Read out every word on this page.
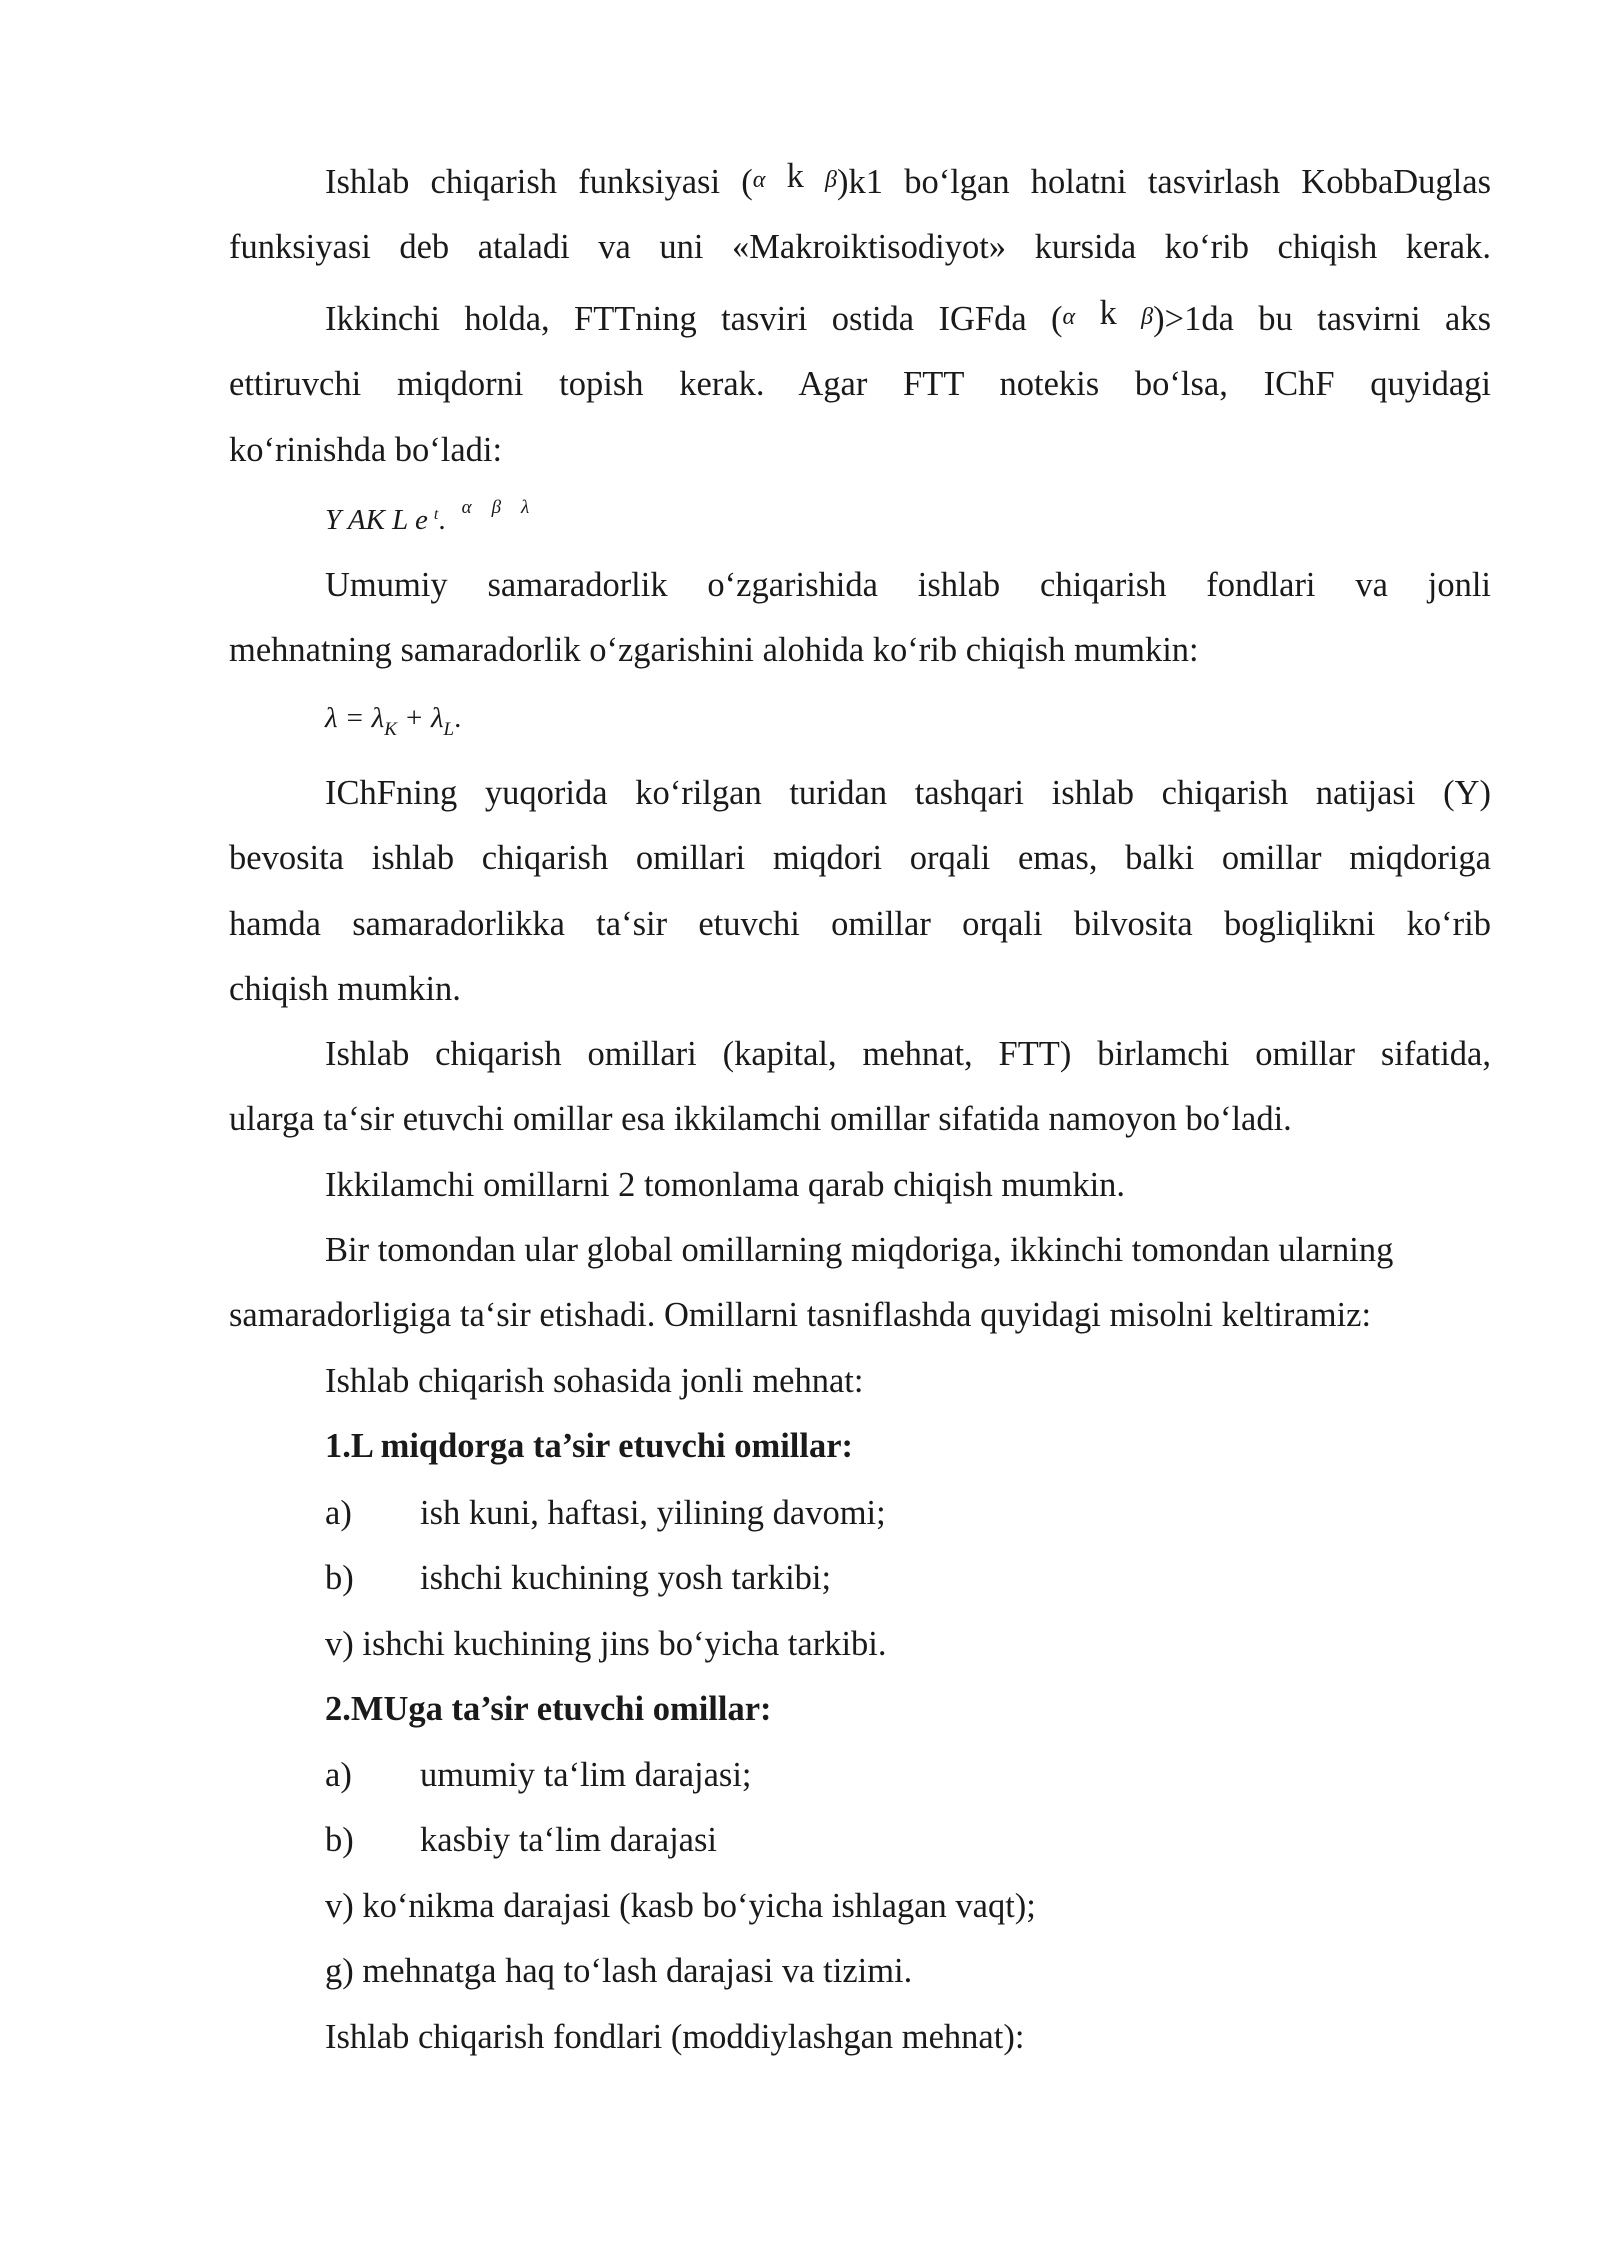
Ishlab chiqarish funksiyasi (α k β)k1 bo‘lgan holatni tasvirlash KobbaDuglas
funksiyasi deb ataladi va uni «Makroiktisodiyot» kursida ko‘rib chiqish kerak.
Ikkinchi holda, FTTning tasviri ostida IGFda (α k β)>1da bu tasvirni aks
ettiruvchi miqdorni topish kerak. Agar FTT notekis bo‘lsa, IChF quyidagi
ko‘rinishda bo‘ladi:
Y AK L e $^t$. $^\alpha$ $^\beta$ $^\lambda$
Umumiy samaradorlik o‘zgarishida ishlab chiqarish fondlari va jonli
mehnatning samaradorlik o‘zgarishini alohida ko‘rib chiqish mumkin:
$\lambda = \lambda_K + \lambda_L$.
IChFning yuqorida ko‘rilgan turidan tashqari ishlab chiqarish natijasi (Y)
bevosita ishlab chiqarish omillari miqdori orqali emas, balki omillar miqdoriga
hamda samaradorlikka ta‘sir etuvchi omillar orqali bilvosita bogliqlikni ko‘rib
chiqish mumkin.
Ishlab chiqarish omillari (kapital, mehnat, FTT) birlamchi omillar sifatida,
ularga ta‘sir etuvchi omillar esa ikkilamchi omillar sifatida namoyon bo‘ladi.
Ikkilamchi omillarni 2 tomonlama qarab chiqish mumkin.
Bir tomondan ular global omillarning miqdoriga, ikkinchi tomondan ularning
samaradorligiga ta‘sir etishadi. Omillarni tasniflashda quyidagi misolni keltiramiz:
Ishlab chiqarish sohasida jonli mehnat:
1.L miqdorga ta’sir etuvchi omillar:
a) ish kuni, haftasi, yilining davomi;
b) ishchi kuchining yosh tarkibi;
v) ishchi kuchining jins bo‘yicha tarkibi.
2.MUga ta’sir etuvchi omillar:
a) umumiy ta‘lim darajasi;
b) kasbiy ta‘lim darajasi
v) ko‘nikma darajasi (kasb bo‘yicha ishlagan vaqt);
g) mehnatga haq to‘lash darajasi va tizimi.
Ishlab chiqarish fondlari (moddiylashgan mehnat):
